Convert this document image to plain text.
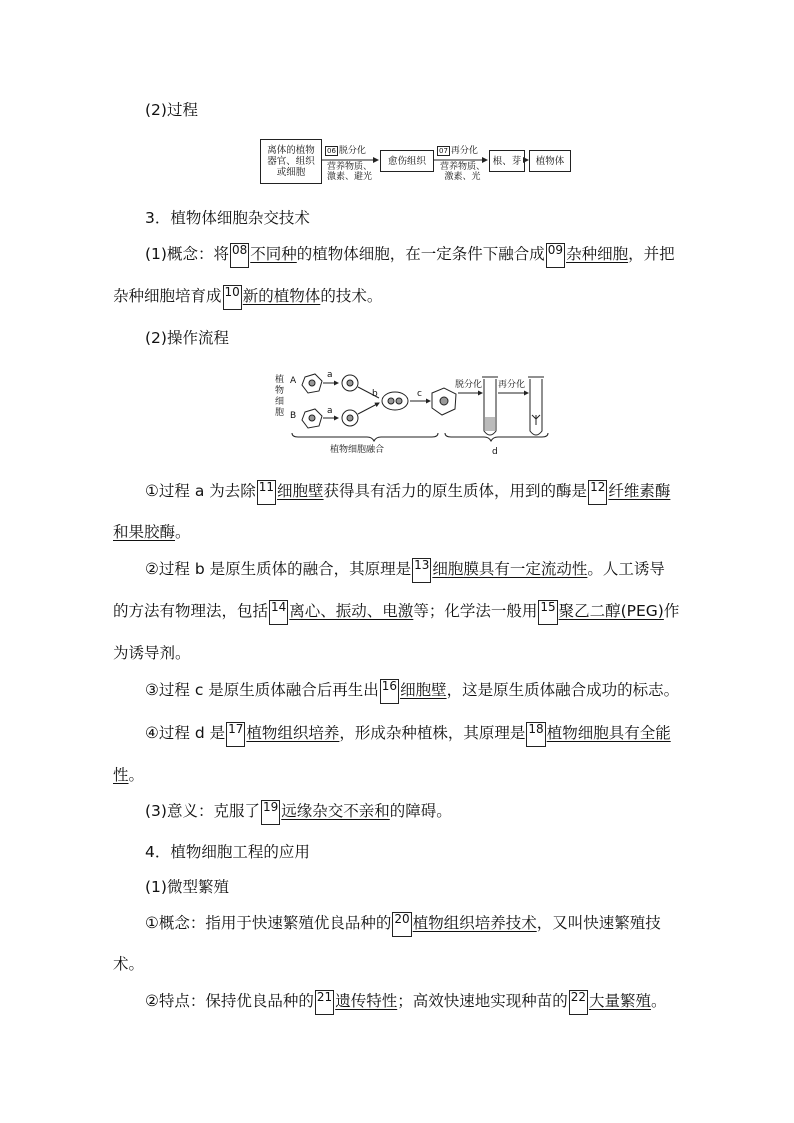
(2)过程
离体的植物
器官、组织
或细胞
06 脱分化
营养物质、
激素、避光
愈伤组织
07 再分化
营养物质、
激素、光
根、芽	植物体
3．植物体细胞杂交技术
(1)概念：将 08 不同种的植物体细胞，在一定条件下融合成 09 杂种细胞，并把
杂种细胞培育成 10 新的植物体的技术。
(2)操作流程
植
物
细
胞
A
B
a
a
b	c
脱分化 再分化
植物细胞融合	d
①过程 a 为去除 11 细胞壁获得具有活力的原生质体，用到的酶是 12 纤维素酶
和果胶酶。
②过程 b 是原生质体的融合，其原理是 13 细胞膜具有一定流动性。人工诱导
的方法有物理法，包括 14 离心、振动、电激等；化学法一般用 15 聚乙二醇(PEG)作
为诱导剂。
③过程 c 是原生质体融合后再生出 16 细胞壁，这是原生质体融合成功的标志。
④过程 d 是 17 植物组织培养，形成杂种植株，其原理是 18 植物细胞具有全能
性。
(3)意义：克服了 19 远缘杂交不亲和的障碍。
4．植物细胞工程的应用
(1)微型繁殖
①概念：指用于快速繁殖优良品种的 20 植物组织培养技术，又叫快速繁殖技
术。
②特点：保持优良品种的 21 遗传特性；高效快速地实现种苗的 22 大量繁殖。
